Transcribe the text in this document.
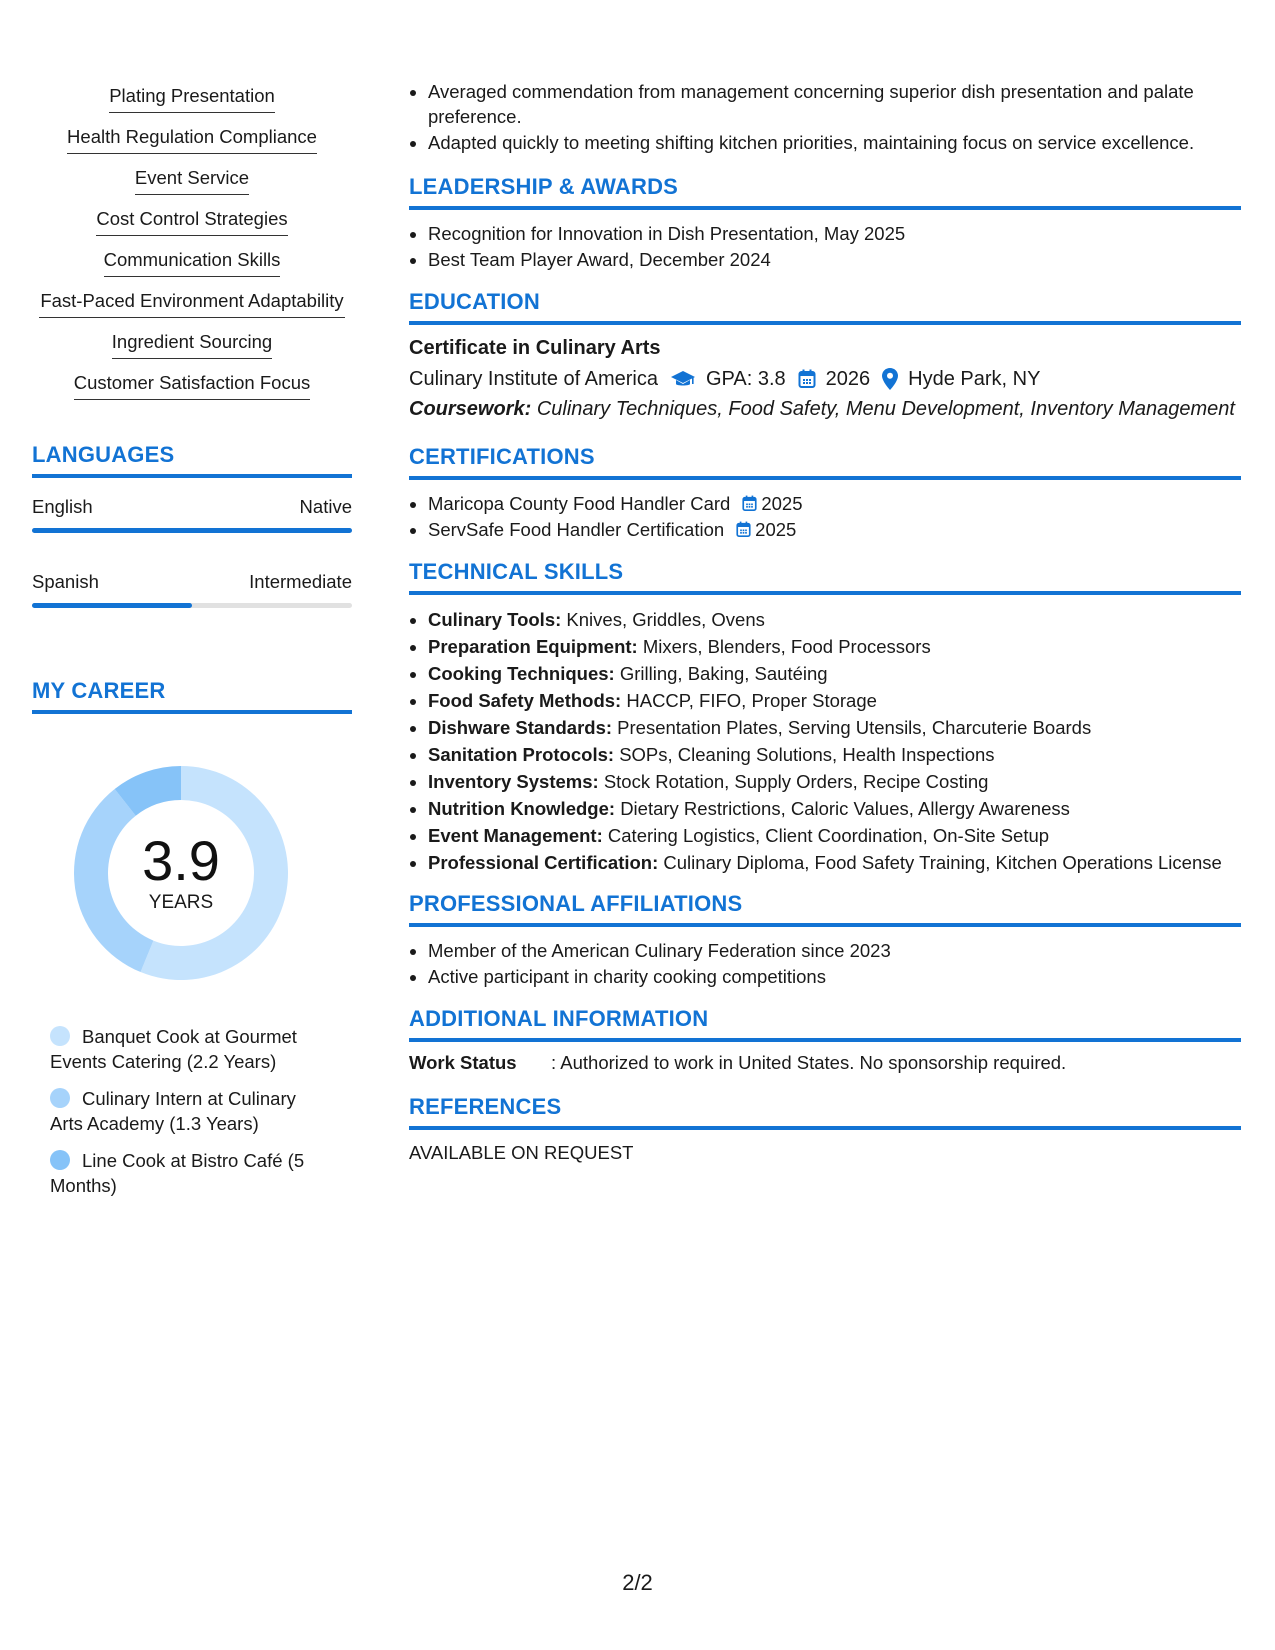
Plating Presentation
Health Regulation Compliance
Event Service
Cost Control Strategies
Communication Skills
Fast-Paced Environment Adaptability
Ingredient Sourcing
Customer Satisfaction Focus
LANGUAGES
English	Native
Spanish	Intermediate
MY CAREER
3.9
YEARS
Banquet Cook at Gourmet Events Catering (2.2 Years)
Culinary Intern at Culinary Arts Academy (1.3 Years)
Line Cook at Bistro Café (5 Months)
• Averaged commendation from management concerning superior dish presentation and palate preference.
• Adapted quickly to meeting shifting kitchen priorities, maintaining focus on service excellence.
LEADERSHIP & AWARDS
• Recognition for Innovation in Dish Presentation, May 2025
• Best Team Player Award, December 2024
EDUCATION
Certificate in Culinary Arts
Culinary Institute of America GPA: 3.8 2026 Hyde Park, NY
Coursework: Culinary Techniques, Food Safety, Menu Development, Inventory Management
CERTIFICATIONS
• Maricopa County Food Handler Card 2025
• ServSafe Food Handler Certification 2025
TECHNICAL SKILLS
• Culinary Tools: Knives, Griddles, Ovens
• Preparation Equipment: Mixers, Blenders, Food Processors
• Cooking Techniques: Grilling, Baking, Sautéing
• Food Safety Methods: HACCP, FIFO, Proper Storage
• Dishware Standards: Presentation Plates, Serving Utensils, Charcuterie Boards
• Sanitation Protocols: SOPs, Cleaning Solutions, Health Inspections
• Inventory Systems: Stock Rotation, Supply Orders, Recipe Costing
• Nutrition Knowledge: Dietary Restrictions, Caloric Values, Allergy Awareness
• Event Management: Catering Logistics, Client Coordination, On-Site Setup
• Professional Certification: Culinary Diploma, Food Safety Training, Kitchen Operations License
PROFESSIONAL AFFILIATIONS
• Member of the American Culinary Federation since 2023
• Active participant in charity cooking competitions
ADDITIONAL INFORMATION
Work Status	: Authorized to work in United States. No sponsorship required.
REFERENCES
AVAILABLE ON REQUEST
2/2
